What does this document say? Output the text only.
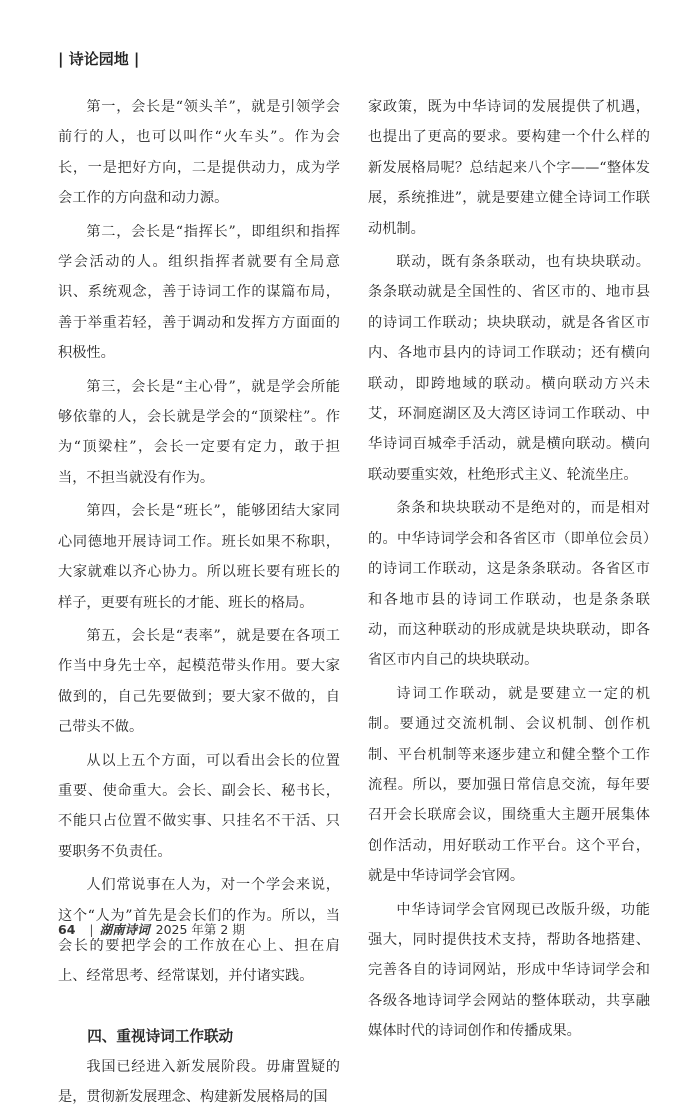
| 诗论园地 |

第一，会长是“领头羊”，就是引领学会前行的人，也可以叫作“火车头”。作为会长，一是把好方向，二是提供动力，成为学会工作的方向盘和动力源。

第二，会长是“指挥长”，即组织和指挥学会活动的人。组织指挥者就要有全局意识、系统观念，善于诗词工作的谋篇布局，善于举重若轻，善于调动和发挥方方面面的积极性。

第三，会长是“主心骨”，就是学会所能够依靠的人，会长就是学会的“顶梁柱”。作为“顶梁柱”，会长一定要有定力，敢于担当，不担当就没有作为。

第四，会长是“班长”，能够团结大家同心同德地开展诗词工作。班长如果不称职，大家就难以齐心协力。所以班长要有班长的样子，更要有班长的才能、班长的格局。

第五，会长是“表率”，就是要在各项工作当中身先士卒，起模范带头作用。要大家做到的，自己先要做到；要大家不做的，自己带头不做。

从以上五个方面，可以看出会长的位置重要、使命重大。会长、副会长、秘书长，不能只占位置不做实事、只挂名不干活、只要职务不负责任。

人们常说事在人为，对一个学会来说，这个“人为”首先是会长们的作为。所以，当会长的要把学会的工作放在心上、担在肩上、经常思考、经常谋划，并付诸实践。

四、重视诗词工作联动

我国已经进入新发展阶段。毋庸置疑的是，贯彻新发展理念、构建新发展格局的国

家政策，既为中华诗词的发展提供了机遇，也提出了更高的要求。要构建一个什么样的新发展格局呢？总结起来八个字——“整体发展，系统推进”，就是要建立健全诗词工作联动机制。

联动，既有条条联动，也有块块联动。条条联动就是全国性的、省区市的、地市县的诗词工作联动；块块联动，就是各省区市内、各地市县内的诗词工作联动；还有横向联动，即跨地域的联动。横向联动方兴未艾，环洞庭湖区及大湾区诗词工作联动、中华诗词百城牵手活动，就是横向联动。横向联动要重实效，杜绝形式主义、轮流坐庄。

条条和块块联动不是绝对的，而是相对的。中华诗词学会和各省区市（即单位会员）的诗词工作联动，这是条条联动。各省区市和各地市县的诗词工作联动，也是条条联动，而这种联动的形成就是块块联动，即各省区市内自己的块块联动。

诗词工作联动，就是要建立一定的机制。要通过交流机制、会议机制、创作机制、平台机制等来逐步建立和健全整个工作流程。所以，要加强日常信息交流，每年要召开会长联席会议，围绕重大主题开展集体创作活动，用好联动工作平台。这个平台，就是中华诗词学会官网。

中华诗词学会官网现已改版升级，功能强大，同时提供技术支持，帮助各地搭建、完善各自的诗词网站，形成中华诗词学会和各级各地诗词学会网站的整体联动，共享融媒体时代的诗词创作和传播成果。

64 | 湖南诗词 2025 年第 2 期
